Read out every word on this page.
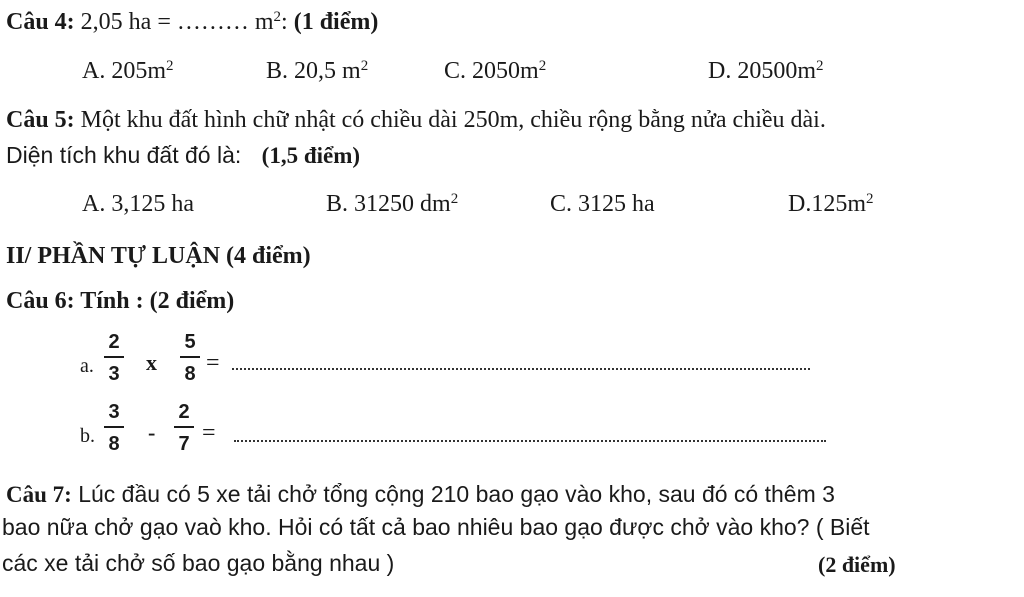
Câu 4: 2,05 ha = ……… $m^2$: (1 điểm)
A. $205m^2$	B. 20,5 $m^2$	C. $2050m^2$	D. $20500m^2$
Câu 5: Một khu đất hình chữ nhật có chiều dài 250m, chiều rộng bằng nửa chiều dài.
Diện tích khu đất đó là: (1,5 điểm)
A. 3,125 ha	B. 31250 $dm^2$	C. 3125 ha	$D.125m^2$
II/ PHẦN TỰ LUẬN (4 điểm)
Câu 6: Tính : (2 điểm)
a.
2
3 x
5
8 =
b.
3
8 -
2
7 =
Câu 7: Lúc đầu có 5 xe tải chở tổng cộng 210 bao gạo vào kho, sau đó có thêm 3
bao nữa chở gạo vaò kho. Hỏi có tất cả bao nhiêu bao gạo được chở vào kho? ( Biết
các xe tải chở số bao gạo bằng nhau )	(2 điểm)
